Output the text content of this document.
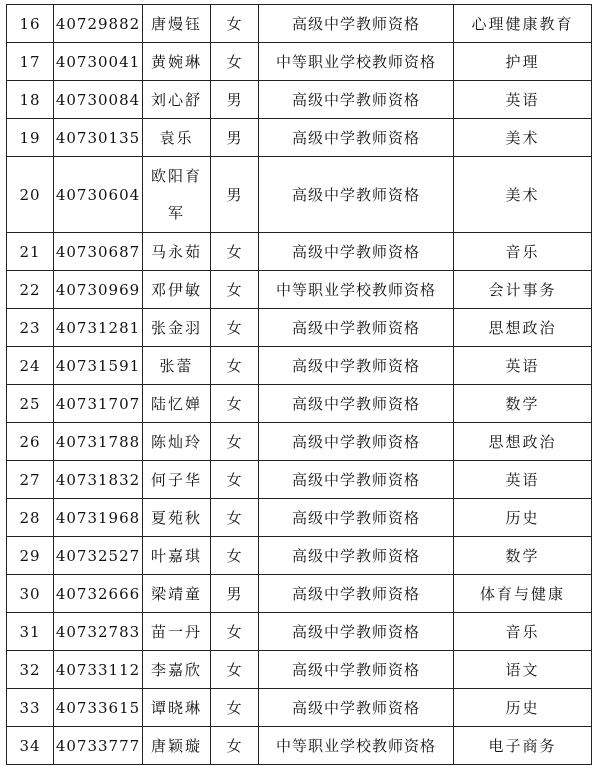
16	40729882	唐熳钰	女	高级中学教师资格	心理健康教育
17	40730041	黄婉琳	女	中等职业学校教师资格	护理
18	40730084	刘心舒	男	高级中学教师资格	英语
19	40730135	袁乐	男	高级中学教师资格	美术
20	40730604	欧阳育军	男	高级中学教师资格	美术
21	40730687	马永茹	女	高级中学教师资格	音乐
22	40730969	邓伊敏	女	中等职业学校教师资格	会计事务
23	40731281	张金羽	女	高级中学教师资格	思想政治
24	40731591	张蕾	女	高级中学教师资格	英语
25	40731707	陆忆婵	女	高级中学教师资格	数学
26	40731788	陈灿玲	女	高级中学教师资格	思想政治
27	40731832	何子华	女	高级中学教师资格	英语
28	40731968	夏苑秋	女	高级中学教师资格	历史
29	40732527	叶嘉琪	女	高级中学教师资格	数学
30	40732666	梁靖童	男	高级中学教师资格	体育与健康
31	40732783	苗一丹	女	高级中学教师资格	音乐
32	40733112	李嘉欣	女	高级中学教师资格	语文
33	40733615	谭晓琳	女	高级中学教师资格	历史
34	40733777	唐颖璇	女	中等职业学校教师资格	电子商务
